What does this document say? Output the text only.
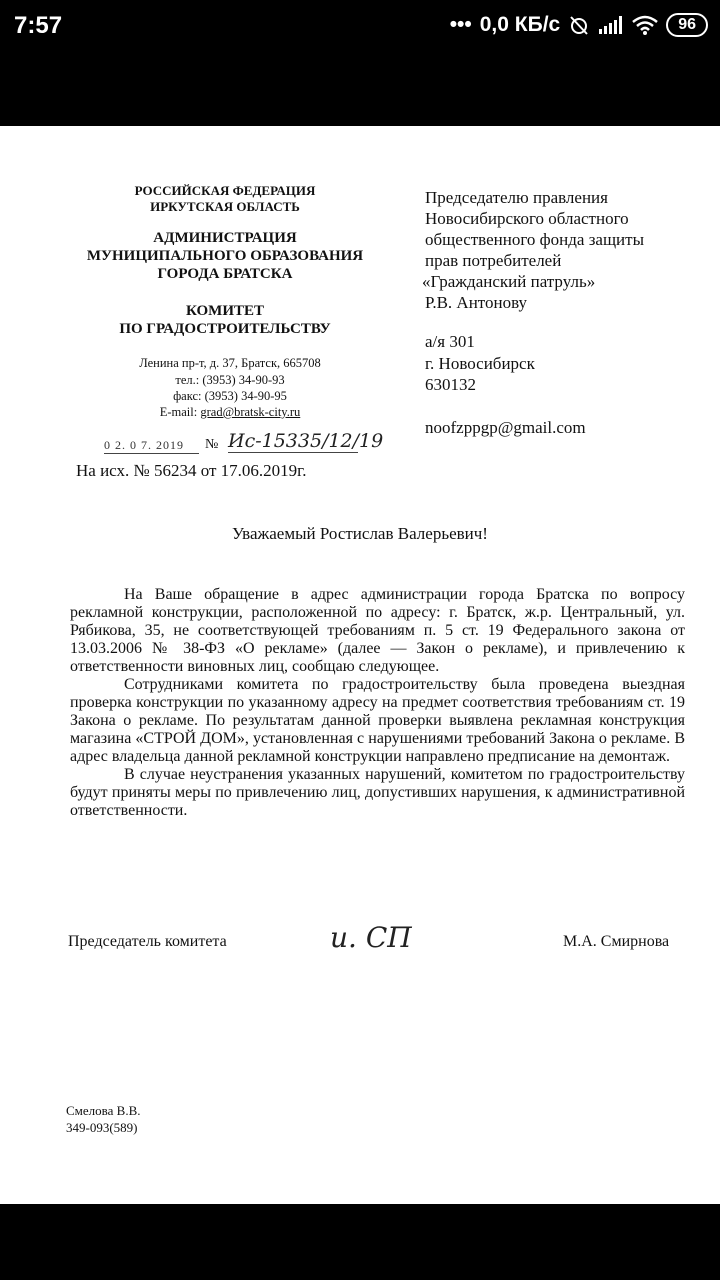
7:57	••• 0,0 КБ/с	96
РОССИЙСКАЯ ФЕДЕРАЦИЯ
ИРКУТСКАЯ ОБЛАСТЬ
АДМИНИСТРАЦИЯ
МУНИЦИПАЛЬНОГО ОБРАЗОВАНИЯ
ГОРОДА БРАТСКА
КОМИТЕТ
ПО ГРАДОСТРОИТЕЛЬСТВУ
Ленина пр-т, д. 37, Братск, 665708
тел.: (3953) 34-90-93
факс: (3953) 34-90-95
E-mail: grad@bratsk-city.ru
0 2. 0 7. 2019	№ Ис-15335/12/19
На исх. № 56234 от 17.06.2019г.
Председателю правления
Новосибирского областного
общественного фонда защиты
прав потребителей
«Гражданский патруль»
Р.В. Антонову
а/я 301
г. Новосибирск
630132
noofzppgp@gmail.com
Уважаемый Ростислав Валерьевич!

На Ваше обращение в адрес администрации города Братска по вопросу рекламной конструкции, расположенной по адресу: г. Братск, ж.р. Центральный, ул. Рябикова, 35, не соответствующей требованиям п. 5 ст. 19 Федерального закона от 13.03.2006 № 38-ФЗ «О рекламе» (далее — Закон о рекламе), и привлечению к ответственности виновных лиц, сообщаю следующее.

Сотрудниками комитета по градостроительству была проведена выездная проверка конструкции по указанному адресу на предмет соответствия требованиям ст. 19 Закона о рекламе. По результатам данной проверки выявлена рекламная конструкция магазина «СТРОЙ ДОМ», установленная с нарушениями требований Закона о рекламе. В адрес владельца данной рекламной конструкции направлено предписание на демонтаж.

В случае неустранения указанных нарушений, комитетом по градостроительству будут приняты меры по привлечению лиц, допустивших нарушения, к административной ответственности.

Председатель комитета	и. СП	М.А. Смирнова
Смелова В.В.
349-093(589)
